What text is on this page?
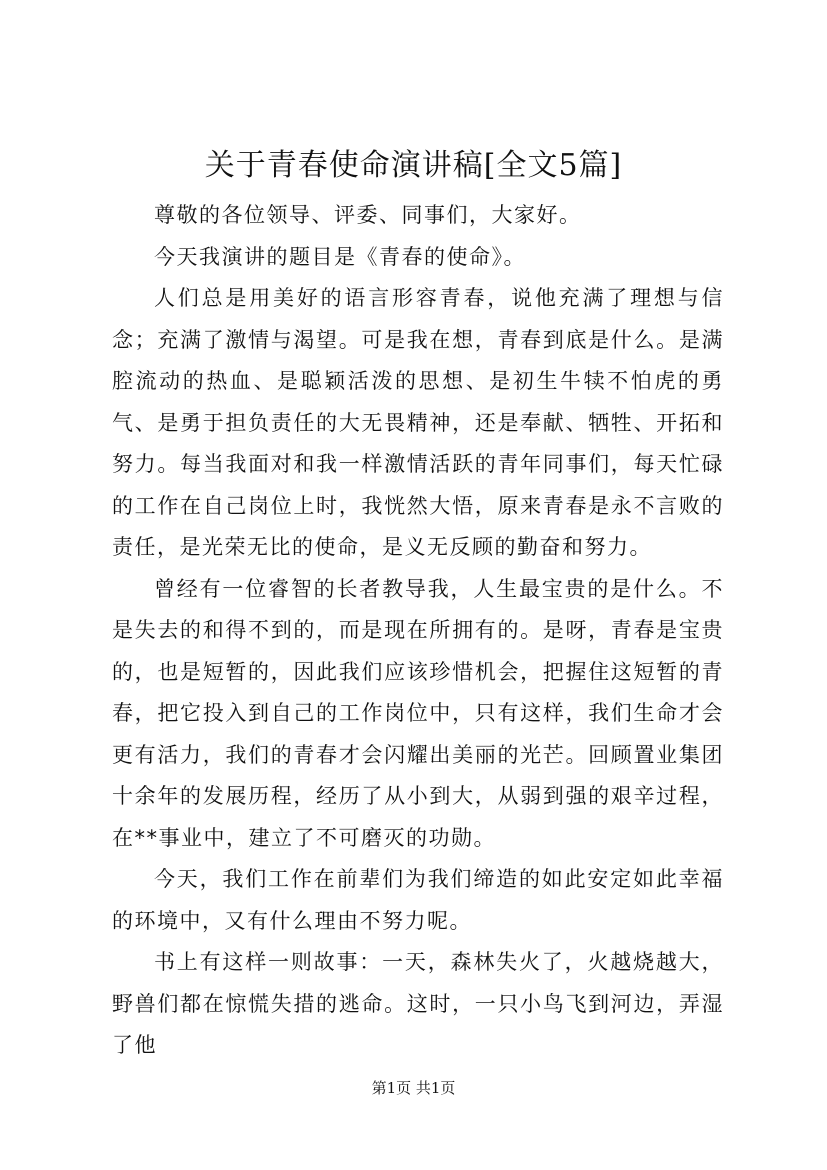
关于青春使命演讲稿[全文5篇]

尊敬的各位领导、评委、同事们，大家好。

今天我演讲的题目是《青春的使命》。

人们总是用美好的语言形容青春，说他充满了理想与信念；充满了激情与渴望。可是我在想，青春到底是什么。是满腔流动的热血、是聪颖活泼的思想、是初生牛犊不怕虎的勇气、是勇于担负责任的大无畏精神，还是奉献、牺牲、开拓和努力。每当我面对和我一样激情活跃的青年同事们，每天忙碌的工作在自己岗位上时，我恍然大悟，原来青春是永不言败的责任，是光荣无比的使命，是义无反顾的勤奋和努力。

曾经有一位睿智的长者教导我，人生最宝贵的是什么。不是失去的和得不到的，而是现在所拥有的。是呀，青春是宝贵的，也是短暂的，因此我们应该珍惜机会，把握住这短暂的青春，把它投入到自己的工作岗位中，只有这样，我们生命才会更有活力，我们的青春才会闪耀出美丽的光芒。回顾置业集团十余年的发展历程，经历了从小到大，从弱到强的艰辛过程，在**事业中，建立了不可磨灭的功勋。

今天，我们工作在前辈们为我们缔造的如此安定如此幸福的环境中，又有什么理由不努力呢。

书上有这样一则故事：一天，森林失火了，火越烧越大，野兽们都在惊慌失措的逃命。这时，一只小鸟飞到河边，弄湿了他

第1页 共1页
